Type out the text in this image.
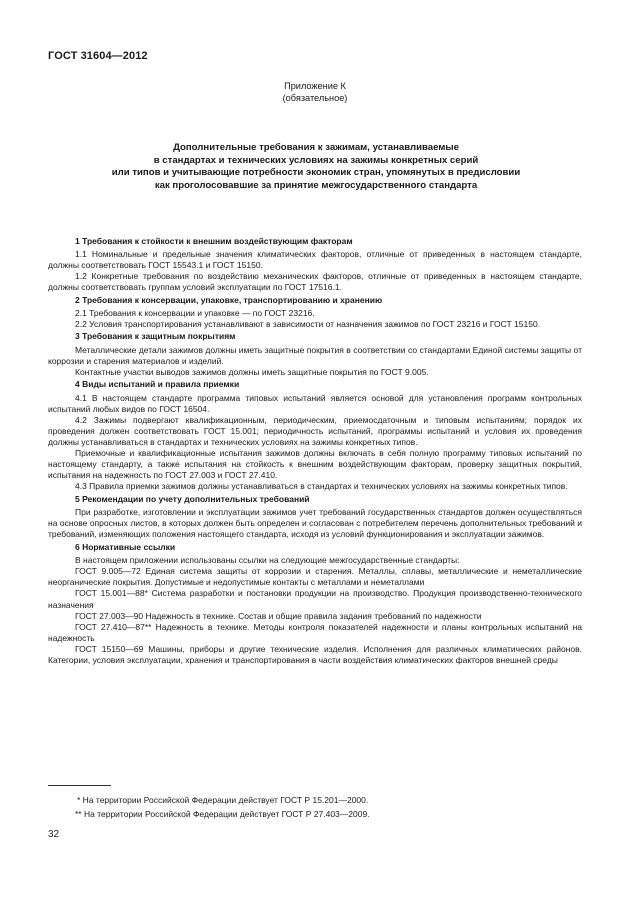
ГОСТ 31604—2012
Приложение К
(обязательное)
Дополнительные требования к зажимам, устанавливаемые
в стандартах и технических условиях на зажимы конкретных серий
или типов и учитывающие потребности экономик стран, упомянутых в предисловии
как проголосовавшие за принятие межгосударственного стандарта
1 Требования к стойкости к внешним воздействующим факторам

1.1 Номинальные и предельные значения климатических факторов, отличные от приведенных в настоящем стандарте, должны соответствовать ГОСТ 15543.1 и ГОСТ 15150.

1.2 Конкретные требования по воздействию механических факторов, отличные от приведенных в настоящем стандарте, должны соответствовать группам условий эксплуатации по ГОСТ 17516.1.

2 Требования к консервации, упаковке, транспортированию и хранению

2.1 Требования к консервации и упаковке — по ГОСТ 23216.

2.2 Условия транспортирования устанавливают в зависимости от назначения зажимов по ГОСТ 23216 и ГОСТ 15150.

3 Требования к защитным покрытиям

Металлические детали зажимов должны иметь защитные покрытия в соответствии со стандартами Единой системы защиты от коррозии и старения материалов и изделий.

Контактные участки выводов зажимов должны иметь защитные покрытия по ГОСТ 9.005.

4 Виды испытаний и правила приемки

4.1 В настоящем стандарте программа типовых испытаний является основой для установления программ контрольных испытаний любых видов по ГОСТ 16504.

4.2 Зажимы подвергают квалификационным, периодическим, приемосдаточным и типовым испытаниям; порядок их проведения должен соответствовать ГОСТ 15.001; периодичность испытаний, программы испытаний и условия их проведения должны устанавливаться в стандартах и технических условиях на зажимы конкретных типов.

Приемочные и квалификационные испытания зажимов должны включать в себя полную программу типовых испытаний по настоящему стандарту, а также испытания на стойкость к внешним воздействующим факторам, проверку защитных покрытий, испытания на надежность по ГОСТ 27.003 и ГОСТ 27.410.

4.3 Правила приемки зажимов должны устанавливаться в стандартах и технических условиях на зажимы конкретных типов.

5 Рекомендации по учету дополнительных требований

При разработке, изготовлении и эксплуатации зажимов учет требований государственных стандартов должен осуществляться на основе опросных листов, в которых должен быть определен и согласован с потребителем перечень дополнительных требований и требований, изменяющих положения настоящего стандарта, исходя из условий функционирования и эксплуатации зажимов.

6 Нормативные ссылки

В настоящем приложении использованы ссылки на следующие межгосударственные стандарты:

ГОСТ 9.005—72 Единая система защиты от коррозии и старения. Металлы, сплавы, металлические и неметаллические неорганические покрытия. Допустимые и недопустимые контакты с металлами и неметаллами

ГОСТ 15.001—88* Система разработки и постановки продукции на производство. Продукция производственно-технического назначения

ГОСТ 27.003—90 Надежность в технике. Состав и общие правила задания требований по надежности

ГОСТ 27.410—87** Надежность в технике. Методы контроля показателей надежности и планы контрольных испытаний на надежность

ГОСТ 15150—69 Машины, приборы и другие технические изделия. Исполнения для различных климатических районов. Категории, условия эксплуатации, хранения и транспортирования в части воздействия климатических факторов внешней среды

* На территории Российской Федерации действует ГОСТ Р 15.201—2000.
** На территории Российской Федерации действует ГОСТ Р 27.403—2009.
32
